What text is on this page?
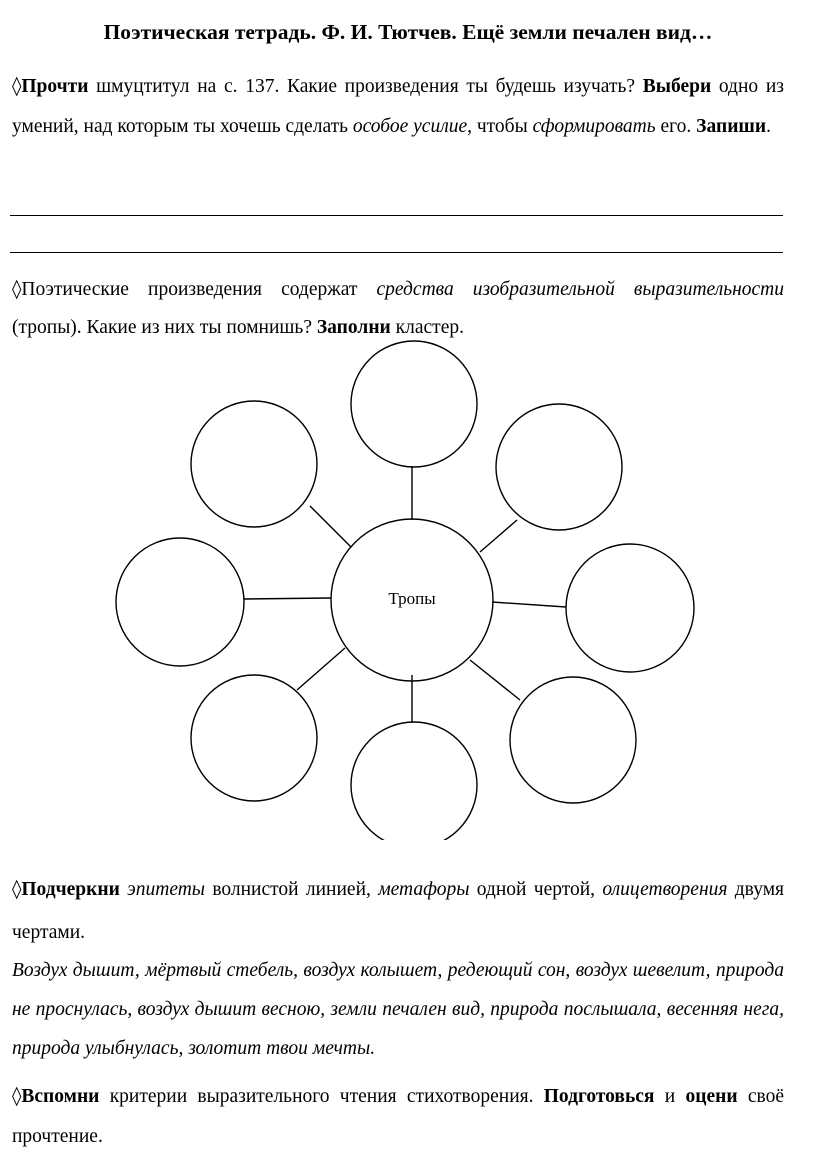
Поэтическая тетрадь. Ф. И. Тютчев. Ещё земли печален вид…

◊Прочти шмуцтитул на с. 137. Какие произведения ты будешь изучать? Выбери одно из умений, над которым ты хочешь сделать особое усилие, чтобы сформировать его. Запиши.

◊Поэтические произведения содержат средства изобразительной выразительности (тропы). Какие из них ты помнишь? Заполни кластер.

Тропы

◊Подчеркни эпитеты волнистой линией, метафоры одной чертой, олицетворения двумя чертами.

Воздух дышит, мёртвый стебель, воздух колышет, редеющий сон, воздух шевелит, природа не проснулась, воздух дышит весною, земли печален вид, природа послышала, весенняя нега, природа улыбнулась, золотит твои мечты.

◊Вспомни критерии выразительного чтения стихотворения. Подготовься и оцени своё прочтение.
